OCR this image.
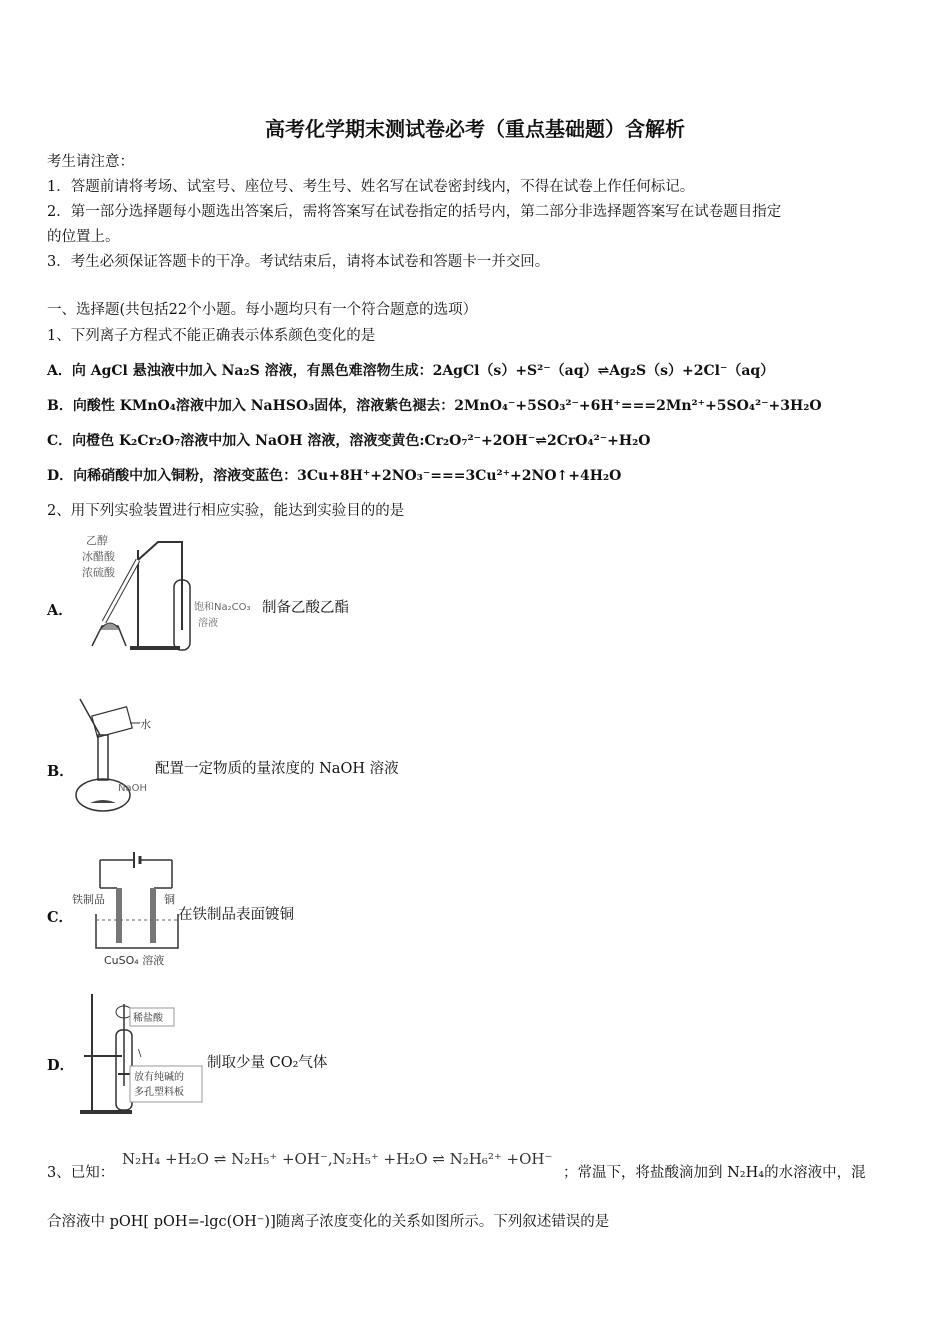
高考化学期末测试卷必考（重点基础题）含解析
考生请注意：
1．答题前请将考场、试室号、座位号、考生号、姓名写在试卷密封线内，不得在试卷上作任何标记。
2．第一部分选择题每小题选出答案后，需将答案写在试卷指定的括号内，第二部分非选择题答案写在试卷题目指定
的位置上。
3．考生必须保证答题卡的干净。考试结束后，请将本试卷和答题卡一并交回。
一、选择题(共包括22个小题。每小题均只有一个符合题意的选项）
1、下列离子方程式不能正确表示体系颜色变化的是
A．向 AgCl 悬浊液中加入 Na₂S 溶液，有黑色难溶物生成：2AgCl（s）+S²⁻（aq）⇌Ag₂S（s）+2Cl⁻（aq）
B．向酸性 KMnO₄溶液中加入 NaHSO₃固体，溶液紫色褪去：2MnO₄⁻+5SO₃²⁻+6H⁺===2Mn²⁺+5SO₄²⁻+3H₂O
C．向橙色 K₂Cr₂O₇溶液中加入 NaOH 溶液，溶液变黄色:Cr₂O₇²⁻+2OH⁻⇌2CrO₄²⁻+H₂O
D．向稀硝酸中加入铜粉，溶液变蓝色：3Cu+8H⁺+2NO₃⁻===3Cu²⁺+2NO↑+4H₂O
2、用下列实验装置进行相应实验，能达到实验目的的是
A．
乙醇
冰醋酸
浓硫酸
饱和Na₂CO₃
溶液
制备乙酸乙酯
B．
水
NaOH
配置一定物质的量浓度的 NaOH 溶液
C．
铁制品	铜
CuSO₄ 溶液
在铁制品表面镀铜
D．
稀盐酸
\
放有纯碱的
多孔塑料板
制取少量 CO₂气体
3、已知：
N₂H₄ +H₂O ⇌ N₂H₅⁺ +OH⁻,N₂H₅⁺ +H₂O ⇌ N₂H₆²⁺ +OH⁻
；常温下，将盐酸滴加到 N₂H₄的水溶液中，混
合溶液中 pOH[ pOH=-lgc(OH⁻)]随离子浓度变化的关系如图所示。下列叙述错误的是
